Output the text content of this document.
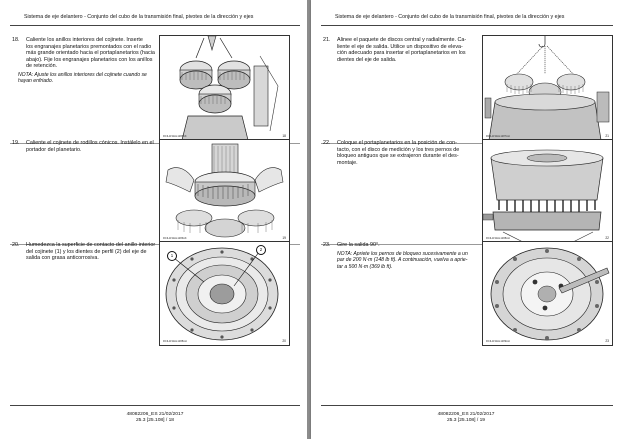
Sistema de eje delantero - Conjunto del cubo de la transmisión final, pivotes de la dirección y ejes
18. Caliente los anillos interiores del cojinete. Inserte
los engranajes planetarios premontados con el radio
más grande orientado hacia el portaplanetarios (hacia
abajo). Fije los engranajes planetarios con los anillos
de retención.
NOTA: Ajuste los anillos interiores del cojinete cuando se
hayan enfriado.
RCIL11WHL1286AK	18
19. Caliente el cojinete de rodillos cónicos. Instálelo en el
portador del planetario.
RCIL11WHL1286AK	19
20. Humedezca la superficie de contacto del anillo interior
del cojinete (1) y los dientes de perfil (2) del eje de
salida con grasa anticorrosiva.	1
2
RCIL11WHL1288AH	20
48082206_ES 21/02/2017
25.3 [25.108] / 18
Sistema de eje delantero - Conjunto del cubo de la transmisión final, pivotes de la dirección y ejes
21. Alinee el paquete de discos central y radialmente. Ca-
liente el eje de salida. Utilice un dispositivo de eleva-
ción adecuado para insertar el portaplanetarios en los
dientes del eje de salida.
RCIL11WHL1287AH	21
22. Coloque el portaplanetarios en la posición de con-
tacto, con el disco de medición y los tres pernos de
bloqueo antiguos que se extrajeron durante el des-
montaje.
RCIL11WHL1288AH	22
23. Gire la salida 90°.
NOTA: Apriete los pernos de bloqueo sucesivamente a un
par de 200 N·m (148 lb ft). A continuación, vuelva a aprie-
tar a 500 N·m (369 lb ft).
RCIL11WHL1289AH	23
48082206_ES 21/02/2017
25.3 [25.108] / 19
